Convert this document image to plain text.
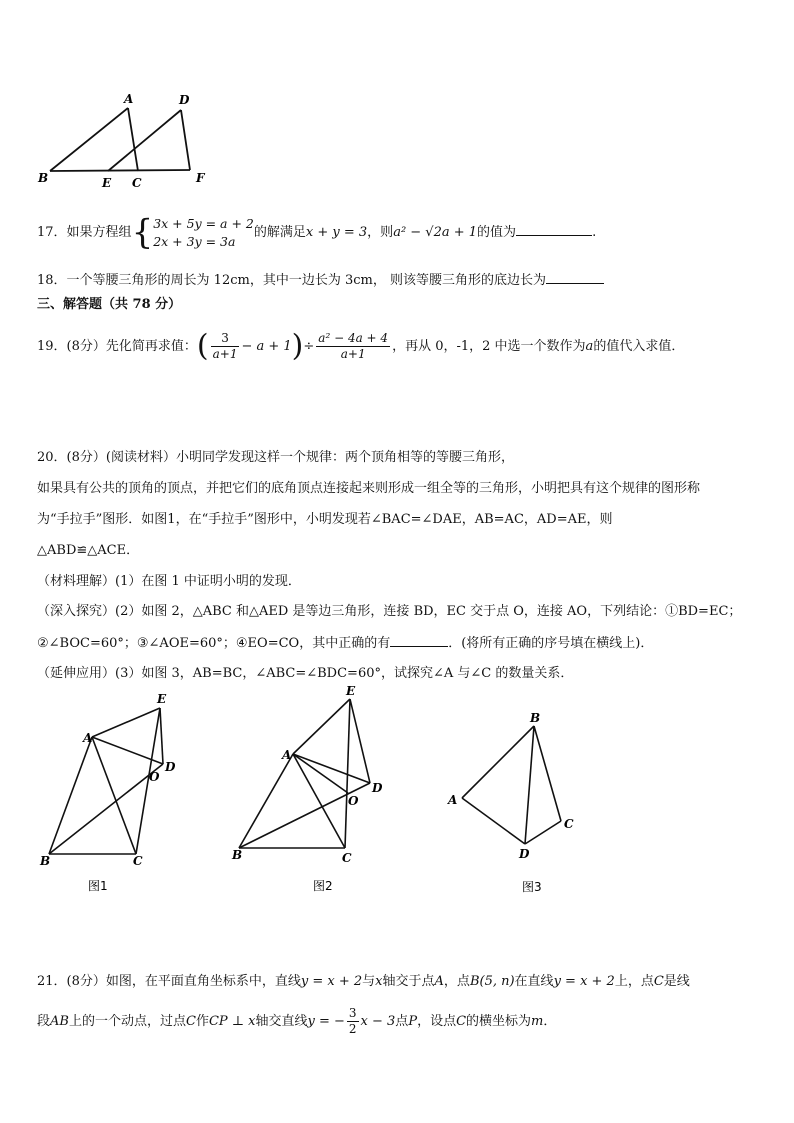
A	D
B	E C	F
17．如果方程组{ 3x + 5y = a + 2
2x + 3y = 3a
的解满足x + y = 3，则a² − √2a + 1的值为	.
18．一个等腰三角形的周长为 12cm，其中一边长为 3cm， 则该等腰三角形的底边长为
三、解答题（共 78 分）
19．(8分）先化简再求值：( $\frac{3}{a+1} - a + 1)\div \frac{\text{a² − 4a + 4}}{a+1}$ ，再从 0，-1，2 中选一个数作为a的值代入求值．
20．(8分）(阅读材料）小明同学发现这样一个规律：两个顶角相等的等腰三角形，
如果具有公共的顶角的顶点，并把它们的底角顶点连接起来则形成一组全等的三角形，小明把具有这个规律的图形称
为“手拉手”图形．如图1，在“手拉手”图形中，小明发现若∠BAC=∠DAE，AB=AC，AD=AE，则
△ABD≌△ACE．
（材料理解）(1）在图 1 中证明小明的发现．
（深入探究）(2）如图 2，△ABC 和△AED 是等边三角形，连接 BD，EC 交于点 O，连接 AO，下列结论：①BD=EC；
②∠BOC=60°；③∠AOE=60°；④EO=CO，其中正确的有	．(将所有正确的序号填在横线上)．
（延伸应用）(3）如图 3，AB=BC，∠ABC=∠BDC=60°，试探究∠A 与∠C 的数量关系．
E
A
D
O
B	C
图1
E
A
D
O
B	C
图2
B
A
C
D
图3
21．(8分）如图，在平面直角坐标系中，直线y = x + 2与x轴交于点A，点B(5, n)在直线y = x + 2上，点C是线
段AB上的一个动点，过点C作CP ⊥ x轴交直线y = − $\frac{3}{2}$ x − 3点P，设点C的横坐标为m．
